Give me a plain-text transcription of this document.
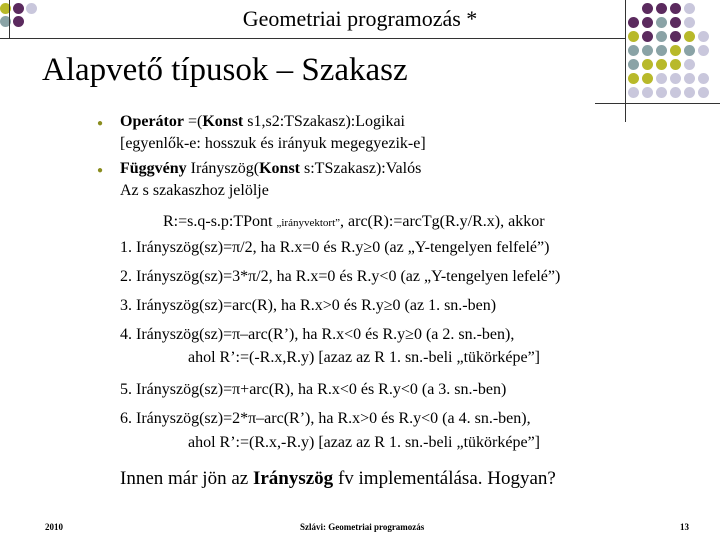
Geometriai programozás *
Alapvető típusok – Szakasz
● Operátor =(Konst s1,s2:TSzakasz):Logikai
[egyenlők-e: hosszuk és irányuk megegyezik-e]
● Függvény Irányszög(Konst s:TSzakasz):Valós
Az s szakaszhoz jelölje
R:=s.q-s.p:TPont „irányvektort”, arc(R):=arcTg(R.y/R.x), akkor
1. Irányszög(sz)=π/2, ha R.x=0 és R.y≥0 (az „Y-tengelyen felfelé”)
2. Irányszög(sz)=3*π/2, ha R.x=0 és R.y<0 (az „Y-tengelyen lefelé”)
3. Irányszög(sz)=arc(R), ha R.x>0 és R.y≥0 (az 1. sn.-ben)
4. Irányszög(sz)=π–arc(R’), ha R.x<0 és R.y≥0 (a 2. sn.-ben),
ahol R’:=(-R.x,R.y) [azaz az R 1. sn.-beli „tükörképe”]
5. Irányszög(sz)=π+arc(R), ha R.x<0 és R.y<0 (a 3. sn.-ben)
6. Irányszög(sz)=2*π–arc(R’), ha R.x>0 és R.y<0 (a 4. sn.-ben),
ahol R’:=(R.x,-R.y) [azaz az R 1. sn.-beli „tükörképe”]
Innen már jön az Irányszög fv implementálása. Hogyan?
2010	Szlávi: Geometriai programozás	13
